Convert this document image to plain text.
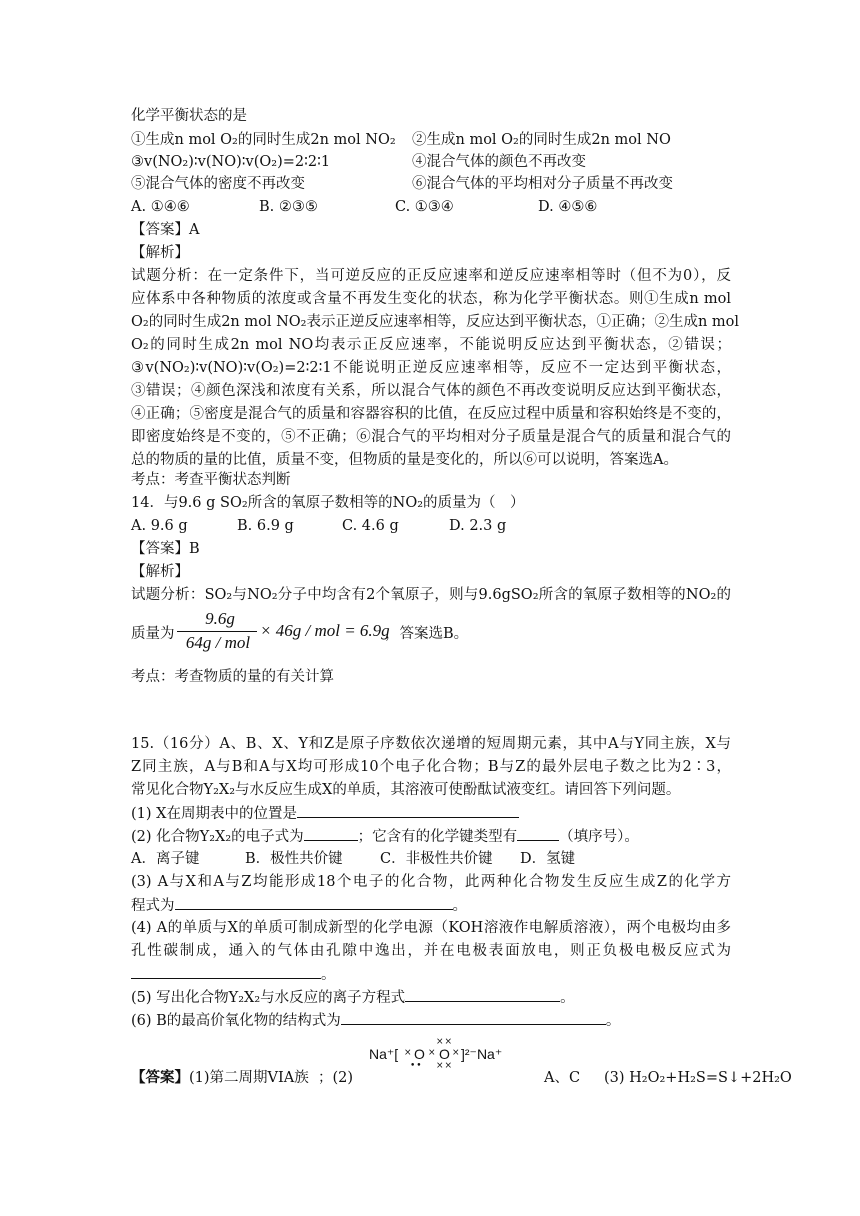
化学平衡状态的是
①生成n mol O₂的同时生成2n mol NO₂ ②生成n mol O₂的同时生成2n mol NO
③v(NO₂)∶v(NO)∶v(O₂)=2∶2∶1	④混合气体的颜色不再改变
⑤混合气体的密度不再改变	⑥混合气体的平均相对分子质量不再改变
A. ①④⑥	B. ②③⑤	C. ①③④	D. ④⑤⑥
【答案】A
【解析】
试题分析：在一定条件下，当可逆反应的正反应速率和逆反应速率相等时（但不为0），反
应体系中各种物质的浓度或含量不再发生变化的状态，称为化学平衡状态。则①生成n mol
O₂的同时生成2n mol NO₂表示正逆反应速率相等，反应达到平衡状态，①正确；②生成n mol
O₂的同时生成2n mol NO均表示正反应速率，不能说明反应达到平衡状态，②错误；
③v(NO₂)∶v(NO)∶v(O₂)=2∶2∶1不能说明正逆反应速率相等，反应不一定达到平衡状态，
③错误；④颜色深浅和浓度有关系，所以混合气体的颜色不再改变说明反应达到平衡状态，
④正确；⑤密度是混合气的质量和容器容积的比值，在反应过程中质量和容积始终是不变的，
即密度始终是不变的，⑤不正确；⑥混合气的平均相对分子质量是混合气的质量和混合气的
总的物质的量的比值，质量不变，但物质的量是变化的，所以⑥可以说明，答案选A。
考点：考查平衡状态判断
14．与9.6 g SO₂所含的氧原子数相等的NO₂的质量为（　）
A. 9.6 g	B. 6.9 g	C. 4.6 g	D. 2.3 g
【答案】B
【解析】
试题分析：SO₂与NO₂分子中均含有2个氧原子，则与9.6gSO₂所含的氧原子数相等的NO₂的
质量为
9.6g
64g / mol
× 46g / mol = 6.9g
，答案选B。
考点：考查物质的量的有关计算
15.（16分）A、B、X、Y和Z是原子序数依次递增的短周期元素，其中A与Y同主族，X与
Z同主族，A与B和A与X均可形成10个电子化合物；B与Z的最外层电子数之比为2∶3，
常见化合物Y₂X₂与水反应生成X的单质，其溶液可使酚酞试液变红。请回答下列问题。
(1) X在周期表中的位置是
(2) 化合物Y₂X₂的电子式为	；它含有的化学键类型有	（填序号）。
A．离子键	B．极性共价键	C．非极性共价键 D．氢键
(3) A与X和A与Z均能形成18个电子的化合物，此两种化合物发生反应生成Z的化学方
程式为	。
(4) A的单质与X的单质可制成新型的化学电源（KOH溶液作电解质溶液），两个电极均由多
孔性碳制成，通入的气体由孔隙中逸出，并在电极表面放电，则正负极电极反应式为
。
(5) 写出化合物Y₂X₂与水反应的离子方程式	。
(6) B的最高价氧化物的结构式为	。
【答案】(1)第二周期VIA族 ；(2)
Na⁺[ O O ]²⁻Na⁺
××
•• ××
× × ×
A、C (3) H₂O₂+H₂S=S↓+2H₂O
